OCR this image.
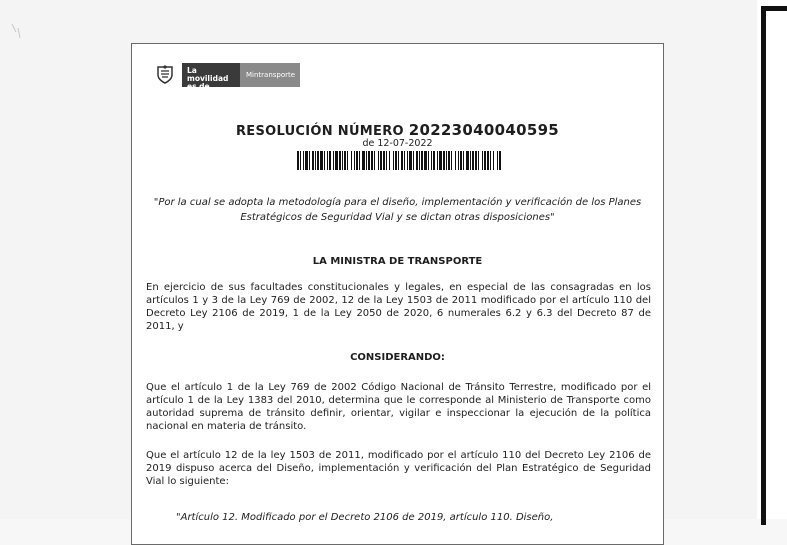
La movilidad
es de todos
Mintransporte
RESOLUCIÓN NÚMERO 20223040040595
de 12-07-2022
"Por la cual se adopta la metodología para el diseño, implementación y verificación de los Planes Estratégicos de Seguridad Vial y se dictan otras disposiciones"
LA MINISTRA DE TRANSPORTE
En ejercicio de sus facultades constitucionales y legales, en especial de las consagradas en los artículos 1 y 3 de la Ley 769 de 2002, 12 de la Ley 1503 de 2011 modificado por el artículo 110 del Decreto Ley 2106 de 2019, 1 de la Ley 2050 de 2020, 6 numerales 6.2 y 6.3 del Decreto 87 de 2011, y
CONSIDERANDO:
Que el artículo 1 de la Ley 769 de 2002 Código Nacional de Tránsito Terrestre, modificado por el artículo 1 de la Ley 1383 del 2010, determina que le corresponde al Ministerio de Transporte como autoridad suprema de tránsito definir, orientar, vigilar e inspeccionar la ejecución de la política nacional en materia de tránsito.
Que el artículo 12 de la ley 1503 de 2011, modificado por el artículo 110 del Decreto Ley 2106 de 2019 dispuso acerca del Diseño, implementación y verificación del Plan Estratégico de Seguridad Vial lo siguiente:
"Artículo 12. Modificado por el Decreto 2106 de 2019, artículo 110. Diseño,
